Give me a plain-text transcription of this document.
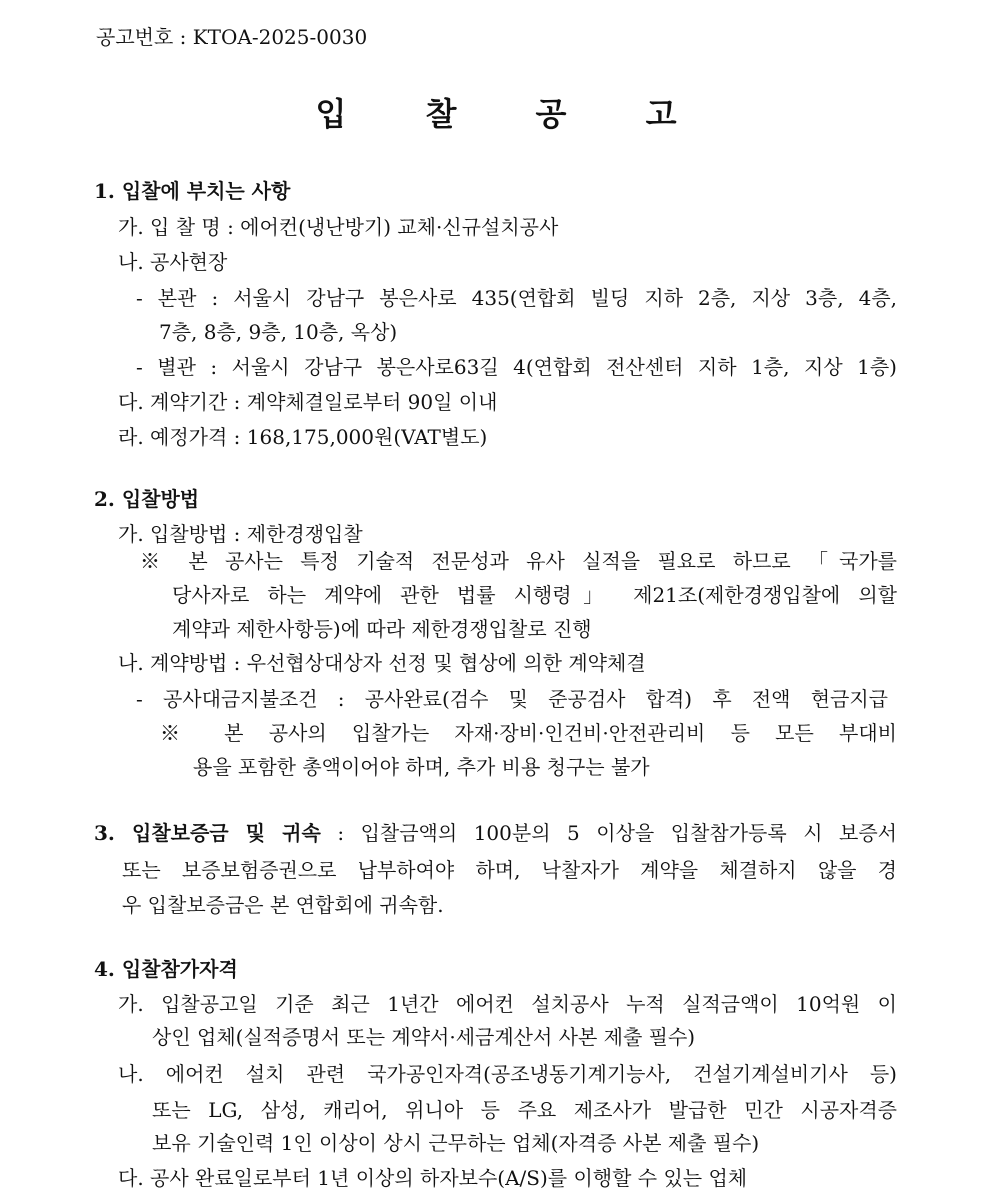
공고번호 : KTOA-2025-0030
입 찰 공 고
1. 입찰에 부치는 사항
가. 입 찰 명 : 에어컨(냉난방기) 교체·신규설치공사
나. 공사현장
- 본관 : 서울시 강남구 봉은사로 435(연합회 빌딩 지하 2층, 지상 3층, 4층,
7층, 8층, 9층, 10층, 옥상)
- 별관 : 서울시 강남구 봉은사로63길 4(연합회 전산센터 지하 1층, 지상 1층)
다. 계약기간 : 계약체결일로부터 90일 이내
라. 예정가격 : 168,175,000원(VAT별도)
2. 입찰방법
가. 입찰방법 : 제한경쟁입찰
※ 본 공사는 특정 기술적 전문성과 유사 실적을 필요로 하므로 「국가를
당사자로 하는 계약에 관한 법률 시행령」 제21조(제한경쟁입찰에 의할
계약과 제한사항등)에 따라 제한경쟁입찰로 진행
나. 계약방법 : 우선협상대상자 선정 및 협상에 의한 계약체결
- 공사대금지불조건 : 공사완료(검수 및 준공검사 합격) 후 전액 현금지급
※ 본 공사의 입찰가는 자재·장비·인건비·안전관리비 등 모든 부대비
용을 포함한 총액이어야 하며, 추가 비용 청구는 불가
3. 입찰보증금 및 귀속 : 입찰금액의 100분의 5 이상을 입찰참가등록 시 보증서
또는 보증보험증권으로 납부하여야 하며, 낙찰자가 계약을 체결하지 않을 경
우 입찰보증금은 본 연합회에 귀속함.
4. 입찰참가자격
가. 입찰공고일 기준 최근 1년간 에어컨 설치공사 누적 실적금액이 10억원 이
상인 업체(실적증명서 또는 계약서·세금계산서 사본 제출 필수)
나. 에어컨 설치 관련 국가공인자격(공조냉동기계기능사, 건설기계설비기사 등)
또는 LG, 삼성, 캐리어, 위니아 등 주요 제조사가 발급한 민간 시공자격증
보유 기술인력 1인 이상이 상시 근무하는 업체(자격증 사본 제출 필수)
다. 공사 완료일로부터 1년 이상의 하자보수(A/S)를 이행할 수 있는 업체
